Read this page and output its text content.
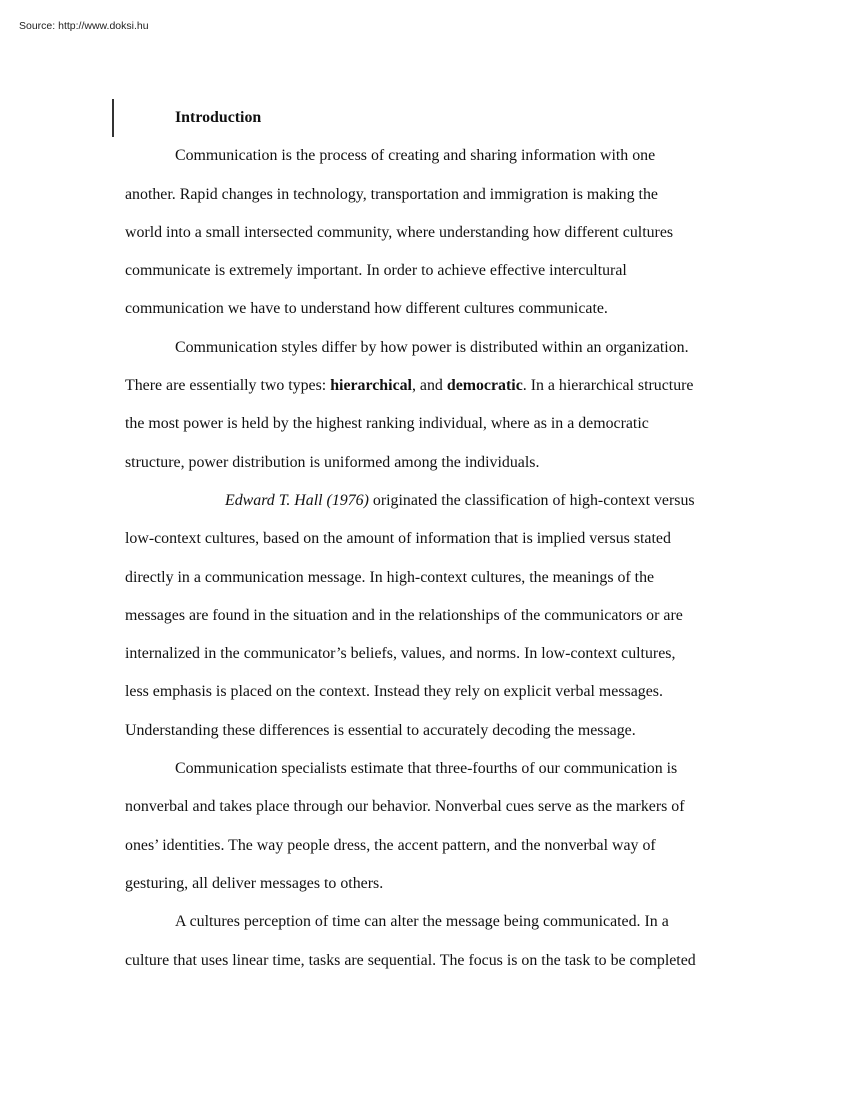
Source: http://www.doksi.hu

Introduction

Communication is the process of creating and sharing information with one
another. Rapid changes in technology, transportation and immigration is making the
world into a small intersected community, where understanding how different cultures
communicate is extremely important. In order to achieve effective intercultural
communication we have to understand how different cultures communicate.

Communication styles differ by how power is distributed within an organization.
There are essentially two types: hierarchical, and democratic. In a hierarchical structure
the most power is held by the highest ranking individual, where as in a democratic
structure, power distribution is uniformed among the individuals.

Edward T. Hall (1976) originated the classification of high-context versus
low-context cultures, based on the amount of information that is implied versus stated
directly in a communication message. In high-context cultures, the meanings of the
messages are found in the situation and in the relationships of the communicators or are
internalized in the communicator’s beliefs, values, and norms. In low-context cultures,
less emphasis is placed on the context. Instead they rely on explicit verbal messages.
Understanding these differences is essential to accurately decoding the message.

Communication specialists estimate that three-fourths of our communication is
nonverbal and takes place through our behavior. Nonverbal cues serve as the markers of
ones’ identities. The way people dress, the accent pattern, and the nonverbal way of
gesturing, all deliver messages to others.

A cultures perception of time can alter the message being communicated. In a
culture that uses linear time, tasks are sequential. The focus is on the task to be completed
